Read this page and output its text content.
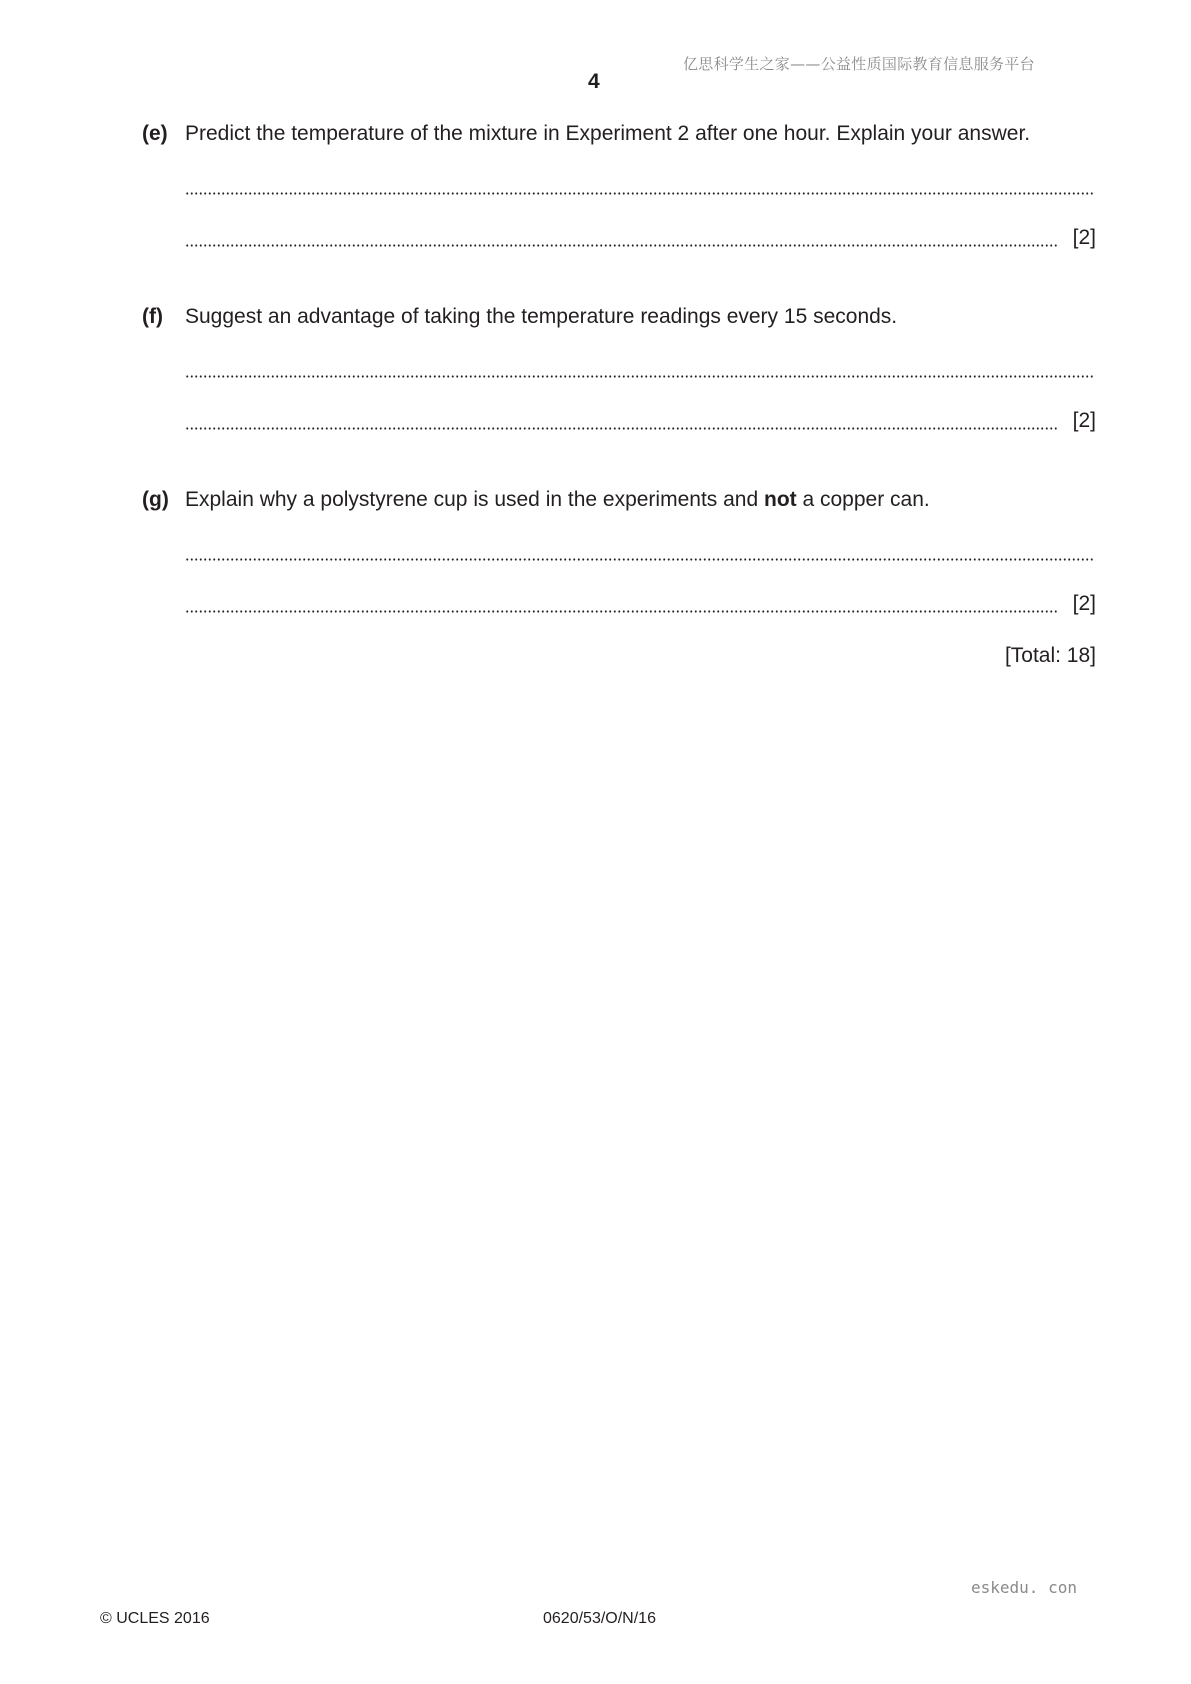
亿思科学生之家——公益性质国际教育信息服务平台
4
(e) Predict the temperature of the mixture in Experiment 2 after one hour. Explain your answer.
[2]
(f) Suggest an advantage of taking the temperature readings every 15 seconds.
[2]
(g) Explain why a polystyrene cup is used in the experiments and not a copper can.
[2]
[Total: 18]
eskedu. con
© UCLES 2016	0620/53/O/N/16
